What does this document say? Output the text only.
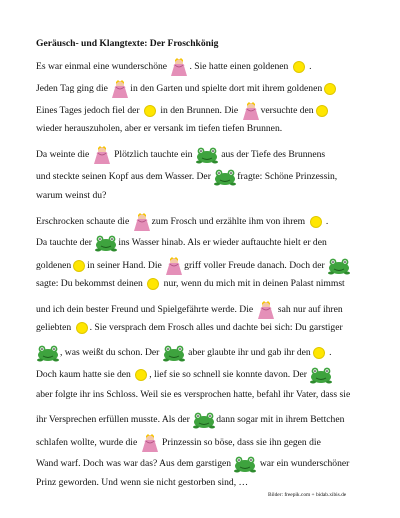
Geräusch- und Klangtexte: Der Froschkönig
Es war einmal eine wunderschöne . Sie hatte einen goldenen  .
Jeden Tag ging die in den Garten und spielte dort mit ihrem goldenen
Eines Tages jedoch fiel der  in den Brunnen. Die versuchte den
wieder herauszuholen, aber er versank im tiefen tiefen Brunnen.
Da weinte die  Plötzlich tauchte ein	aus der Tiefe des Brunnens
und steckte seinen Kopf aus dem Wasser. Der	fragte: Schöne Prinzessin,
warum weinst du?
Erschrocken schaute die zum Frosch und erzählte ihm von ihrem  .
Da tauchte der	ins Wasser hinab. Als er wieder auftauchte hielt er den
goldenen in seiner Hand. Die griff voller Freude danach. Doch der
sagte: Du bekommst deinen  nur, wenn du mich mit in deinen Palast nimmst
und ich dein bester Freund und Spielgefährte werde. Die  sah nur auf ihren
geliebten . Sie versprach dem Frosch alles und dachte bei sich: Du garstiger
, was weißt du schon. Der	aber glaubte ihr und gab ihr den .
Doch kaum hatte sie den , lief sie so schnell sie konnte davon. Der
aber folgte ihr ins Schloss. Weil sie es versprochen hatte, befahl ihr Vater, dass sie
ihr Versprechen erfüllen musste. Als der	dann sogar mit in ihrem Bettchen
schlafen wollte, wurde die  Prinzessin so böse, dass sie ihn gegen die
Wand warf. Doch was war das? Aus dem garstigen	war ein wunderschöner
Prinz geworden. Und wenn sie nicht gestorben sind, …
Bilder: freepik.com + bidab.xibis.de
